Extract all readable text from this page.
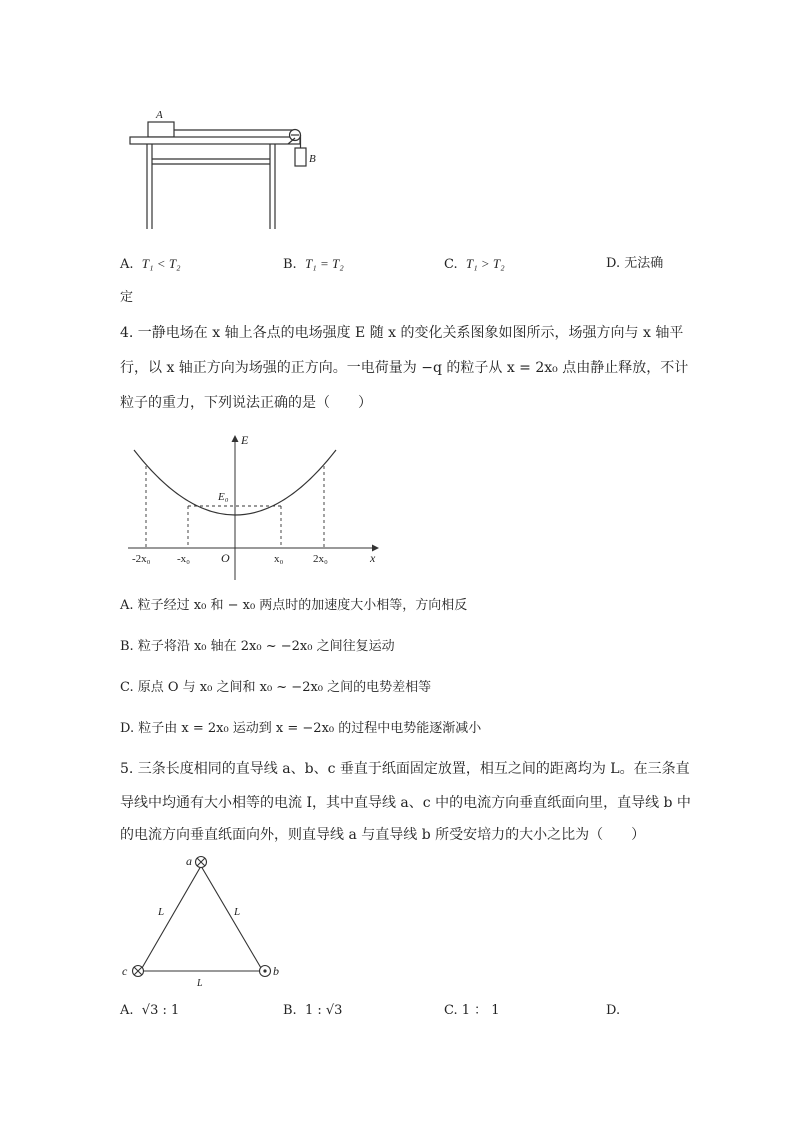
A
B
A. T₁ < T₂	B. T₁ = T₂	C. T₁ > T₂	D. 无法确
定
4. 一静电场在 x 轴上各点的电场强度 E 随 x 的变化关系图象如图所示，场强方向与 x 轴平
行，以 x 轴正方向为场强的正方向。一电荷量为 −q 的粒子从 x = 2x₀ 点由静止释放，不计
粒子的重力，下列说法正确的是（　　）
E
x
O
E₀
-2x₀ -x₀	x₀	2x₀
A. 粒子经过 x₀ 和 − x₀ 两点时的加速度大小相等，方向相反
B. 粒子将沿 x₀ 轴在 2x₀ ~ −2x₀ 之间往复运动
C. 原点 O 与 x₀ 之间和 x₀ ~ −2x₀ 之间的电势差相等
D. 粒子由 x = 2x₀ 运动到 x = −2x₀ 的过程中电势能逐渐减小
5. 三条长度相同的直导线 a、b、c 垂直于纸面固定放置，相互之间的距离均为 L。在三条直
导线中均通有大小相等的电流 I，其中直导线 a、c 中的电流方向垂直纸面向里，直导线 b 中
的电流方向垂直纸面向外，则直导线 a 与直导线 b 所受安培力的大小之比为（　　）
a
c	b
L	L
L
A. √3 : 1	B. 1 : √3	C. 1 ： 1	D.
